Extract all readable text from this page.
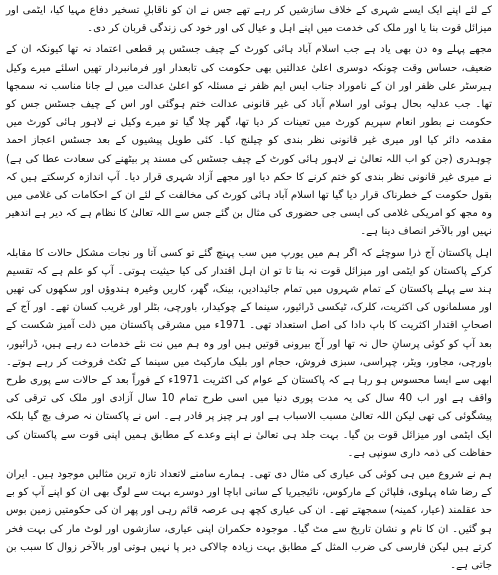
کے لئے اپنے ایک ایسے شہری کے خلاف سازشیں کر رہے تھے جس نے ان کو ناقابلِ تسخیر دفاع مہیا کیا، ایٹمی اور میزائل قوت بنا یا اور ملک کی خدمت میں اپنے اہل و عیال کی اور خود کی زندگی قربان کر دی۔

مجھے پہلے وہ دن بھی یاد ہے جب اسلام آباد ہائی کورٹ کے چیف جسٹس پر قطعی اعتماد نہ تھا کیونکہ ان کے ضعیف، حساس وقت چونکہ دوسری اعلیٰ عدالتیں بھی حکومت کی تابعدار اور فرمانبردار تھیں اسلئے میرے وکیل ہیرسٹر علی ظفر اور ان کے ناموراد جناب ایس ایم ظفر نے مسئلہ کو اعلیٰ عدالت میں لے جانا مناسب نہ سمجھا تھا۔ جب عدلیہ بحال ہوئی اور اسلام آباد کی غیر قانونی عدالت ختم ہوگئی اور اس کے چیف جسٹس جس کو حکومت نے بطور انعام سپریم کورٹ میں تعینات کر دیا تھا، گھر چلا گیا تو میرے وکیل نے لاہور ہائی کورٹ میں مقدمہ دائر کیا اور میری غیر قانونی نظر بندی کو چیلنج کیا۔ کئی طویل پیشیوں کے بعد جسٹس اعجاز احمد چوہدری (جن کو اب اللہ تعالیٰ نے لاہور ہائی کورٹ کے چیف جسٹس کی مسند پر بیٹھنے کی سعادت عطا کی ہے) نے میری غیر قانونی نظر بندی کو ختم کرنے کا حکم دیا اور مجھے آزاد شہری قرار دیا۔ آپ اندازہ کرسکتے ہیں کہ بقول حکومت کے خطرناک قرار دیا گیا تھا اسلام آباد ہائی کورٹ کی مخالفت کے لئے ان کے احکامات کی غلامی میں وہ مجھ کو امریکی غلامی کی ایسی جی حضوری کی مثال بن گئے جس سے اللہ تعالیٰ کا نظام ہے کہ دیر ہے اندھیر نہیں اور بالآخر انصاف دینا ہے۔

اہل پاکستان آج ذرا سوچئے کہ اگر ہم میں یورپ میں سب پہنچ گئے تو کسی آتا ور نجات مشکل حالات کا مقابلہ کرکے پاکستان کو ایٹمی اور میزائل قوت نہ بنا تا تو ان اہل اقتدار کی کیا حیثیت ہوتی۔ آپ کو علم ہے کہ تقسیم ہند سے پہلے پاکستان کے تمام شہروں میں تمام جائیدادیں، بینک، گھر، کاریں وغیرہ ہندوؤں اور سکھوں کی تھیں اور مسلمانوں کی اکثریت، کلرک، ٹیکسی ڈرائیور، سینما کے چوکیدار، باورچی، بٹلر اور غریب کسان تھے۔ اور آج کے اصحابِ اقتدار اکثریت کا باپ دادا کی اصل استعداد تھی۔ 1971ء میں مشرقی پاکستان میں ذلت آمیز شکست کے بعد آپ کو کوئی پرسانِ حال نہ تھا اور آج بیرونی قوتیں ہیں اور وہ ہم میں نت نئے خدمات دے رہے ہیں، ڈرائیور، باورچی، مجاور، ویٹر، چپراسی، سبزی فروش، حجام اور بلیک مارکیٹ میں سینما کے ٹکٹ فروخت کر رہے ہوتے۔ ابھی سے ایسا محسوس ہو رہا ہے کہ پاکستان کے عوام کی اکثریت 1971ء کے فوراً بعد کے حالات سے پوری طرح واقف ہے اور اب 40 سال کی یہ مدت پوری دنیا میں اسی طرح تمام 10 سال آزادی اور ملک کی ترقی کی پیشگوئی کی تھی لیکن اللہ تعالیٰ مسبب الاسباب ہے اور ہر چیز پر قادر ہے۔ اس نے پاکستان نہ صرف بچ گیا بلکہ ایک ایٹمی اور میزائل قوت بن گیا۔ بہت جلد ہی تعالیٰ نے اپنے وعدے کے مطابق ہمیں اپنی قوت سے پاکستان کی حفاظت کی ذمہ داری سونپی ہے۔

ہم نے شروع میں ہی کوئی کی عیاری کی مثال دی تھی۔ ہمارے سامنے لاتعداد تازہ ترین مثالیں موجود ہیں۔ ایران کے رضا شاہ پہلوی، فلپائن کے مارکوس، نائیجیریا کے سانی اباچا اور دوسرے بہت سے لوگ بھی ان کو اپنے آپ کو بے حد عقلمند (عیار، کمینہ) سمجھتے تھے۔ ان کی عیاری کچھ ہی عرصہ قائم رہی اور پھر ان کی حکومتیں زمین بوس ہو گئیں۔ ان کا نام و نشان تاریخ سے مٹ گیا۔ موجودہ حکمران اپنی عیاری، سازشوں اور لوٹ مار کی بہت فخر کرتے ہیں لیکن فارسی کی ضرب المثل کے مطابق بہت زیادہ چالاکی دیر پا نہیں ہوتی اور بالآخر زوال کا سبب بن جاتی ہے۔
